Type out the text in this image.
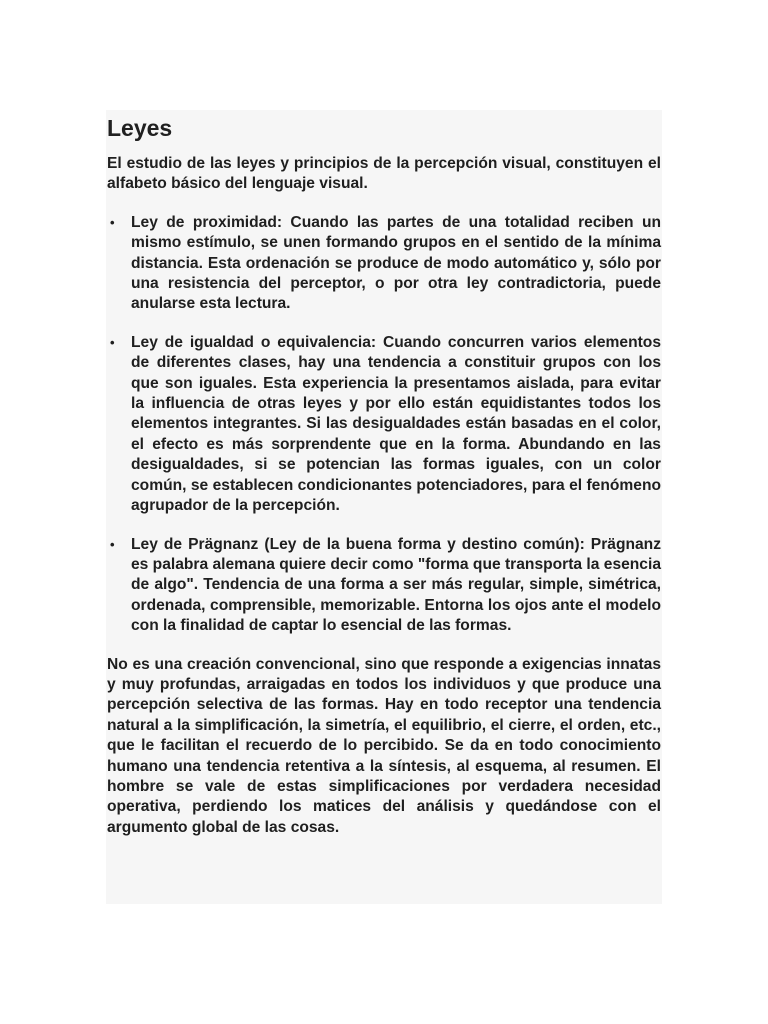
Leyes

El estudio de las leyes y principios de la percepción visual, constituyen el alfabeto básico del lenguaje visual.

• Ley de proximidad: Cuando las partes de una totalidad reciben un mismo estímulo, se unen formando grupos en el sentido de la mínima distancia. Esta ordenación se produce de modo automático y, sólo por una resistencia del perceptor, o por otra ley contradictoria, puede anularse esta lectura.
• Ley de igualdad o equivalencia: Cuando concurren varios elementos de diferentes clases, hay una tendencia a constituir grupos con los que son iguales. Esta experiencia la presentamos aislada, para evitar la influencia de otras leyes y por ello están equidistantes todos los elementos integrantes. Si las desigualdades están basadas en el color, el efecto es más sorprendente que en la forma. Abundando en las desigualdades, si se potencian las formas iguales, con un color común, se establecen condicionantes potenciadores, para el fenómeno agrupador de la percepción.
• Ley de Prägnanz (Ley de la buena forma y destino común): Prägnanz es palabra alemana quiere decir como "forma que transporta la esencia de algo". Tendencia de una forma a ser más regular, simple, simétrica, ordenada, comprensible, memorizable. Entorna los ojos ante el modelo con la finalidad de captar lo esencial de las formas.

No es una creación convencional, sino que responde a exigencias innatas y muy profundas, arraigadas en todos los individuos y que produce una percepción selectiva de las formas. Hay en todo receptor una tendencia natural a la simplificación, la simetría, el equilibrio, el cierre, el orden, etc., que le facilitan el recuerdo de lo percibido. Se da en todo conocimiento humano una tendencia retentiva a la síntesis, al esquema, al resumen. El hombre se vale de estas simplificaciones por verdadera necesidad operativa, perdiendo los matices del análisis y quedándose con el argumento global de las cosas.
